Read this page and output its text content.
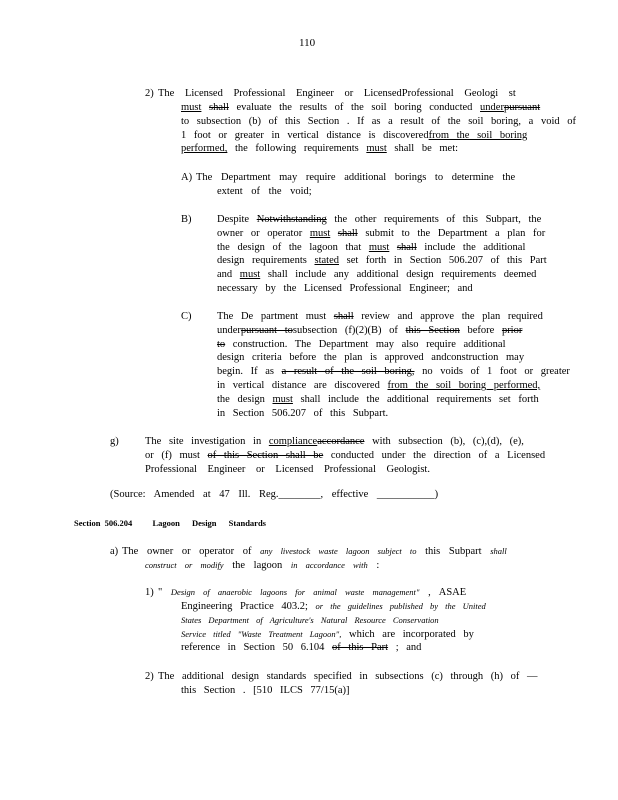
110
2) The Licensed Professional Engineer or LicensedProfessional Geologi st
must shall evaluate the results of the soil boring conducted underpursuant
to subsection (b) of this Section . If as a result of the soil boring, a void of
1 foot or greater in vertical distance is discoveredfrom the soil boring
performed, the following requirements must shall be met:
A) The Department may require additional borings to determine the
extent of the void;
B) Despite Notwithstanding the other requirements of this Subpart, the
owner or operator must shall submit to the Department a plan for
the design of the lagoon that must shall include the additional
design requirements stated set forth in Section 506.207 of this Part
and must shall include any additional design requirements deemed
necessary by the Licensed Professional Engineer; and
C) The De partment must shall review and approve the plan required
underpursuant tosubsection (f)(2)(B) of this Section before prior
to construction. The Department may also require additional
design criteria before the plan is approved andconstruction may
begin. If as a result of the soil boring, no voids of 1 foot or greater
in vertical distance are discovered from the soil boring performed,
the design must shall include the additional requirements set forth
in Section 506.207 of this Subpart.
g)	The site investigation in complianceaccordance with subsection (b), (c),(d), (e),
or (f) must of this Section shall be conducted under the direction of a Licensed
Professional Engineer or Licensed Professional Geologist.
(Source: Amended at 47 Ill. Reg.________, effective ___________)
Section 506.204 Lagoon Design Standards
a) The owner or operator of any livestock waste lagoon subject to this Subpart shall
construct or modify the lagoon in accordance with :
1) " Design of anaerobic lagoons for animal waste management" , ASAE
Engineering Practice 403.2; or the guidelines published by the United
States Department of Agriculture's Natural Resource Conservation
Service titled "Waste Treatment Lagoon", which are incorporated by
reference in Section 50 6.104 of this Part ; and
2) The additional design standards specified in subsections (c) through (h) of —
this Section . [510 ILCS 77/15(a)]
